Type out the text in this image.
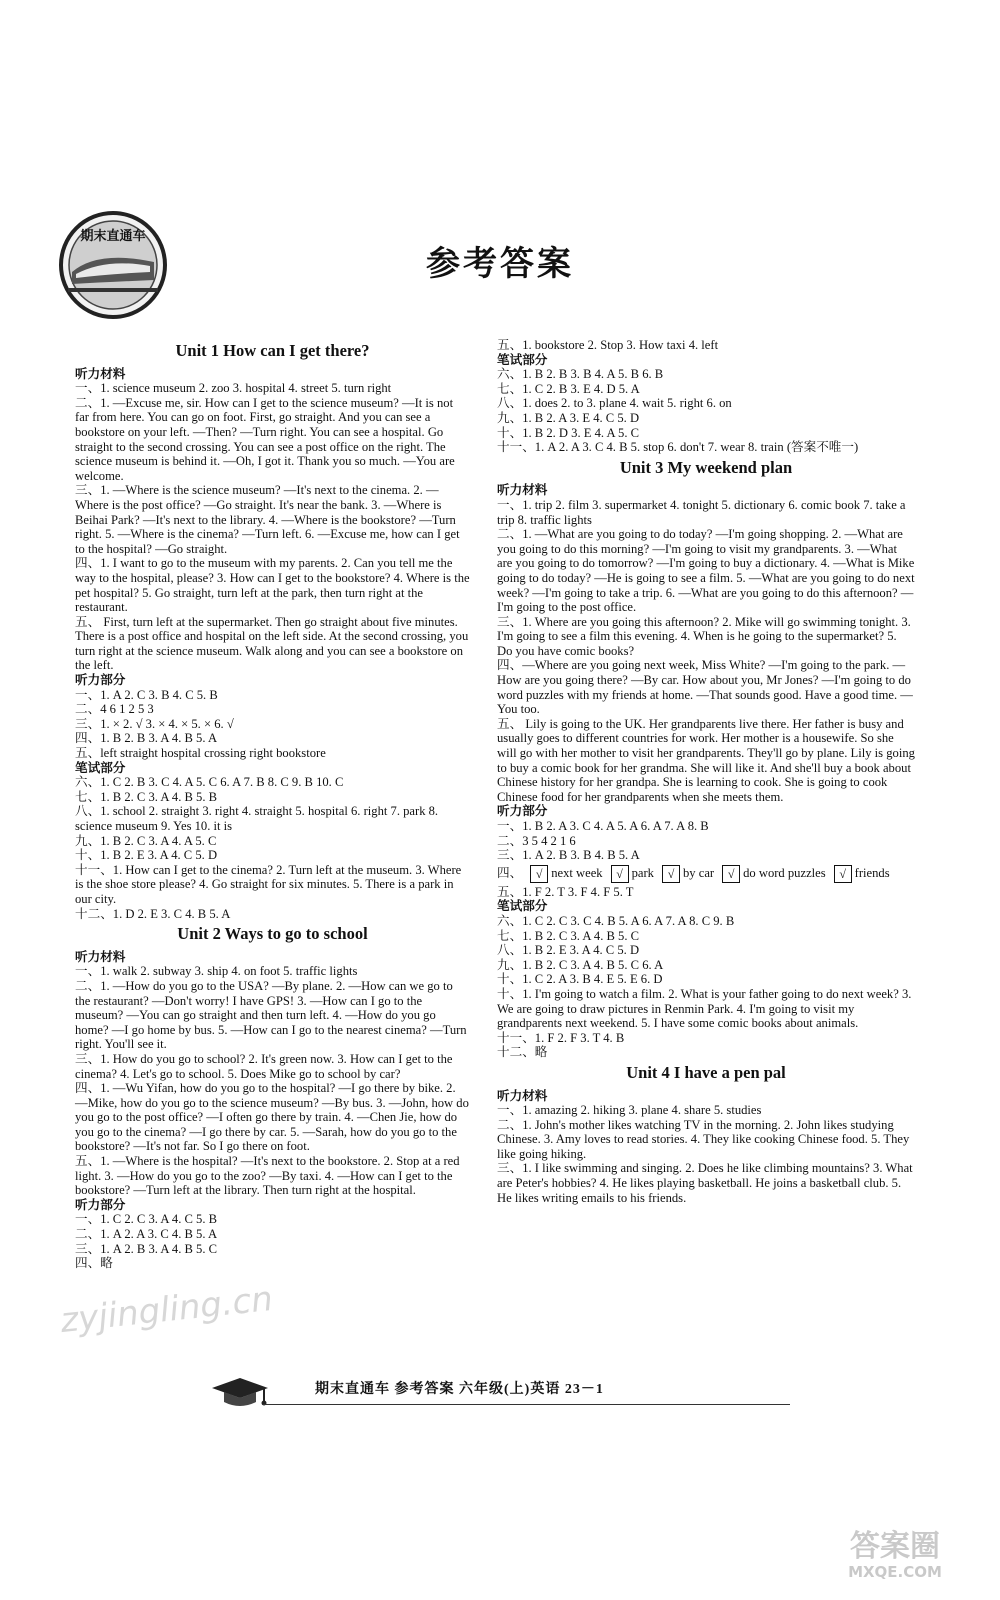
期末直通车
参考答案
Unit 1 How can I get there?
听力材料
一、1. science museum 2. zoo 3. hospital 4. street 5. turn right
二、1. —Excuse me, sir. How can I get to the science museum? —It is not far from here. You can go on foot. First, go straight. And you can see a bookstore on your left. —Then? —Turn right. You can see a hospital. Go straight to the second crossing. You can see a post office on the right. The science museum is behind it. —Oh, I got it. Thank you so much. —You are welcome.
三、1. —Where is the science museum? —It's next to the cinema. 2. —Where is the post office? —Go straight. It's near the bank. 3. —Where is Beihai Park? —It's next to the library. 4. —Where is the bookstore? —Turn right. 5. —Where is the cinema? —Turn left. 6. —Excuse me, how can I get to the hospital? —Go straight.
四、1. I want to go to the museum with my parents. 2. Can you tell me the way to the hospital, please? 3. How can I get to the bookstore? 4. Where is the pet hospital? 5. Go straight, turn left at the park, then turn right at the restaurant.
五、 First, turn left at the supermarket. Then go straight about five minutes. There is a post office and hospital on the left side. At the second crossing, you turn right at the science museum. Walk along and you can see a bookstore on the left.
听力部分
一、1. A 2. C 3. B 4. C 5. B
二、4 6 1 2 5 3
三、1. × 2. √ 3. × 4. × 5. × 6. √
四、1. B 2. B 3. A 4. B 5. A
五、left straight hospital crossing right bookstore
笔试部分
六、1. C 2. B 3. C 4. A 5. C 6. A 7. B 8. C 9. B 10. C
七、1. B 2. C 3. A 4. B 5. B
八、1. school 2. straight 3. right 4. straight 5. hospital 6. right 7. park 8. science museum 9. Yes 10. it is
九、1. B 2. C 3. A 4. A 5. C
十、1. B 2. E 3. A 4. C 5. D
十一、1. How can I get to the cinema? 2. Turn left at the museum. 3. Where is the shoe store please? 4. Go straight for six minutes. 5. There is a park in our city.
十二、1. D 2. E 3. C 4. B 5. A
Unit 2 Ways to go to school
听力材料
一、1. walk 2. subway 3. ship 4. on foot 5. traffic lights
二、1. —How do you go to the USA? —By plane. 2. —How can we go to the restaurant? —Don't worry! I have GPS! 3. —How can I go to the museum? —You can go straight and then turn left. 4. —How do you go home? —I go home by bus. 5. —How can I go to the nearest cinema? —Turn right. You'll see it.
三、1. How do you go to school? 2. It's green now. 3. How can I get to the cinema? 4. Let's go to school. 5. Does Mike go to school by car?
四、1. —Wu Yifan, how do you go to the hospital? —I go there by bike. 2. —Mike, how do you go to the science museum? —By bus. 3. —John, how do you go to the post office? —I often go there by train. 4. —Chen Jie, how do you go to the cinema? —I go there by car. 5. —Sarah, how do you go to the bookstore? —It's not far. So I go there on foot.
五、1. —Where is the hospital? —It's next to the bookstore. 2. Stop at a red light. 3. —How do you go to the zoo? —By taxi. 4. —How can I get to the bookstore? —Turn left at the library. Then turn right at the hospital.
听力部分
一、1. C 2. C 3. A 4. C 5. B
二、1. A 2. A 3. C 4. B 5. A
三、1. A 2. B 3. A 4. B 5. C
四、略
五、1. bookstore 2. Stop 3. How taxi 4. left
笔试部分
六、1. B 2. B 3. B 4. A 5. B 6. B
七、1. C 2. B 3. E 4. D 5. A
八、1. does 2. to 3. plane 4. wait 5. right 6. on
九、1. B 2. A 3. E 4. C 5. D
十、1. B 2. D 3. E 4. A 5. C
十一、1. A 2. A 3. C 4. B 5. stop 6. don't 7. wear 8. train (答案不唯一)
Unit 3 My weekend plan
听力材料
一、1. trip 2. film 3. supermarket 4. tonight 5. dictionary 6. comic book 7. take a trip 8. traffic lights
二、1. —What are you going to do today? —I'm going shopping. 2. —What are you going to do this morning? —I'm going to visit my grandparents. 3. —What are you going to do tomorrow? —I'm going to buy a dictionary. 4. —What is Mike going to do today? —He is going to see a film. 5. —What are you going to do next week? —I'm going to take a trip. 6. —What are you going to do this afternoon? —I'm going to the post office.
三、1. Where are you going this afternoon? 2. Mike will go swimming tonight. 3. I'm going to see a film this evening. 4. When is he going to the supermarket? 5. Do you have comic books?
四、—Where are you going next week, Miss White? —I'm going to the park. —How are you going there? —By car. How about you, Mr Jones? —I'm going to do word puzzles with my friends at home. —That sounds good. Have a good time. —You too.
五、 Lily is going to the UK. Her grandparents live there. Her father is busy and usually goes to different countries for work. Her mother is a housewife. So she will go with her mother to visit her grandparents. They'll go by plane. Lily is going to buy a comic book for her grandma. She will like it. And she'll buy a book about Chinese history for her grandpa. She is learning to cook. She is going to cook Chinese food for her grandparents when she meets them.
听力部分
一、1. B 2. A 3. C 4. A 5. A 6. A 7. A 8. B
二、3 5 4 2 1 6
三、1. A 2. B 3. B 4. B 5. A
四、	√ next week	√ park	√ by car	√ do word puzzles	√ friends
五、1. F 2. T 3. F 4. F 5. T
笔试部分
六、1. C 2. C 3. C 4. B 5. A 6. A 7. A 8. C 9. B
七、1. B 2. C 3. A 4. B 5. C
八、1. B 2. E 3. A 4. C 5. D
九、1. B 2. C 3. A 4. B 5. C 6. A
十、1. C 2. A 3. B 4. E 5. E 6. D
十、1. I'm going to watch a film. 2. What is your father going to do next week? 3. We are going to draw pictures in Renmin Park. 4. I'm going to visit my grandparents next weekend. 5. I have some comic books about animals.
十一、1. F 2. F 3. T 4. B
十二、略
Unit 4 I have a pen pal
听力材料
一、1. amazing 2. hiking 3. plane 4. share 5. studies
二、1. John's mother likes watching TV in the morning. 2. John likes studying Chinese. 3. Amy loves to read stories. 4. They like cooking Chinese food. 5. They like going hiking.
三、1. I like swimming and singing. 2. Does he like climbing mountains? 3. What are Peter's hobbies? 4. He likes playing basketball. He joins a basketball club. 5. He likes writing emails to his friends.
zyjingling.cn
期末直通车 参考答案 六年级(上)英语 23－1
答案圈
MXQE.COM
